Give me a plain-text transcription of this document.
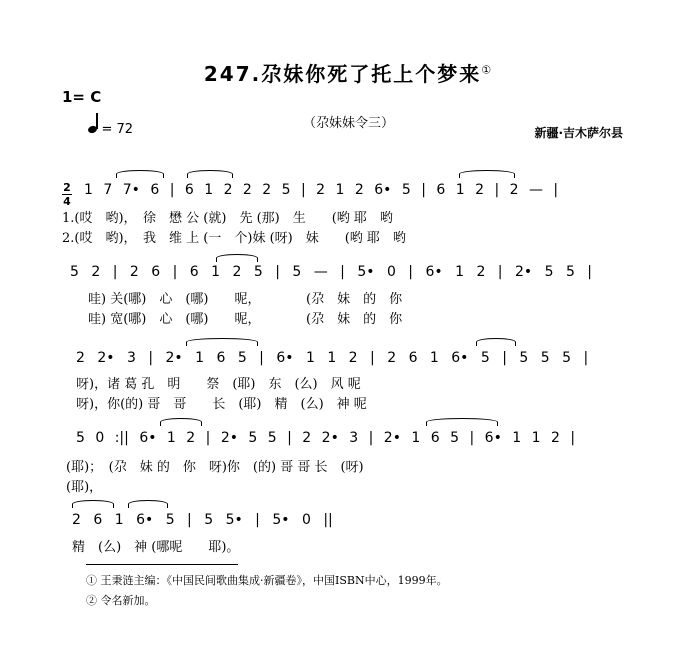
247.尕妹你死了托上个梦来①
1= C
= 72	（尕妹妹令三）
新疆·吉木萨尔县
2
4
1 7 7• 6 | 6 1 2 2 2 5 | 2 1 2 6• 5 | 6 1 2 | 2 — |
1.(哎　哟)，　徐　懋 公 (就)　先 (那)　生　　(哟 耶　哟
2.(哎　哟)，　我　维 上 (一　个)妹 (呀)　妹　　(哟 耶　哟
5 2 | 2 6 | 6 1 2 5 | 5 — | 5• 0 | 6• 1 2 | 2• 5 5 |
哇) 关(哪)　心　(哪)　　呢，　　　　(尕　妹　的　你
哇) 宽(哪)　心　(哪)　　呢，　　　　(尕　妹　的　你
2 2• 3 | 2• 1 6 5 | 6• 1 1 2 | 2 6 1 6• 5 | 5 5 5 |
呀)，诸 葛 孔　明　　祭　(耶)　东　(么)　风 呢
呀)，你(的) 哥　哥　　长　(耶)　精　(么)　神 呢
5 0 :|| 6• 1 2 | 2• 5 5 | 2 2• 3 | 2• 1 6 5 | 6• 1 1 2 |
(耶)；　(尕　妹 的　你　呀)你　(的) 哥 哥 长　(呀)
(耶)，
2 6 1 6• 5 | 5 5• | 5• 0 ||
精　(么)　神 (哪呢　　耶)。
① 王秉涟主编：《中国民间歌曲集成·新疆卷》，中国ISBN中心，1999年。
② 令名新加。
